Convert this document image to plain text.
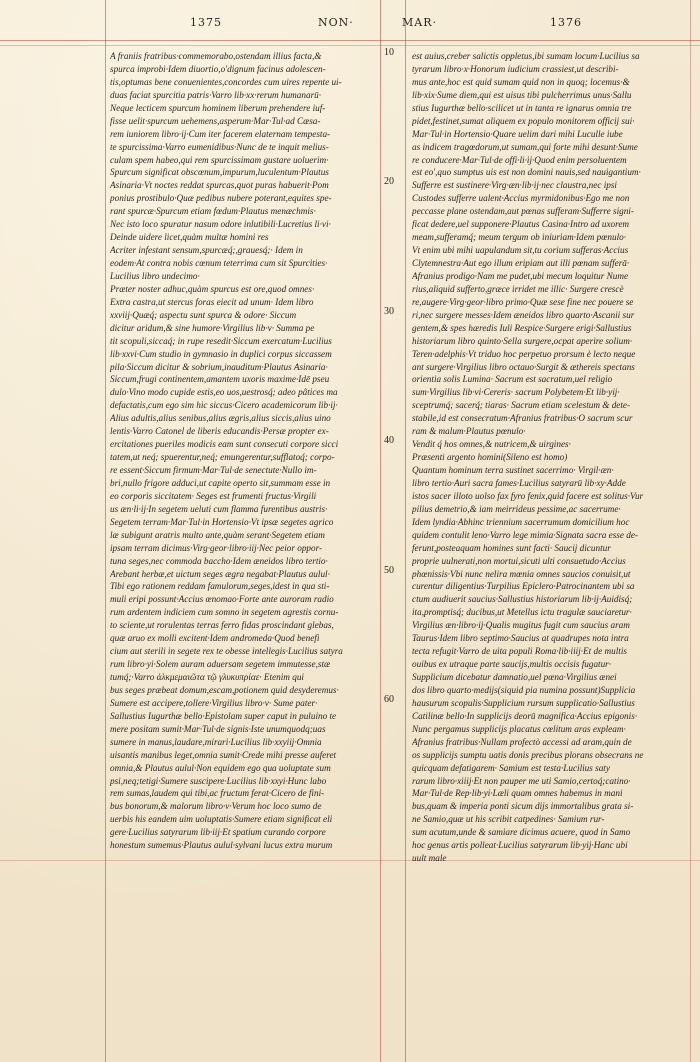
1375	NON·	MAR·	1376
A franiis fratribus·commemorabo,ostendam illius facta,&
spurca improbi·Idem diuortio,o'dignum facinus adolescen-
tis,optumas bene conuenientes,concordes cum uires repente ui-
duas faciat spurcitia patris·Varro lib·xx·rerum humanarū·
Neque lecticem spurcum hominem liberum prehendere iuf-
fisse uelit·spurcum uehemens,asperum·Mar·Tul·ad Cæsa-
rem iuniorem libro·ij·Cum iter facerem elaternam tempesta-
te spurcissima·Varro eumenidibus·Nunc de te inquit melius-
culam spem habeo,qui rem spurcissimam gustare uoluerim·
Spurcum significat obscœnum,impurum,luculentum·Plautus
Asinaria·Vt noctes reddat spurcas,quot puras habuerit·Pom
ponius prostibulo·Quæ pedibus nubere poterant,equites spe-
rant spurcæ·Spurcum etiam fœdum·Plautus menæchmis·
Nec isto loco spuratur nasum odore inlutibili·Lucretius li·vi·
Deinde uidere licet,quàm multæ homini res
Acriter infestant sensum,spurcæq́;,grauesq́;· Idem in
eodem·At contra nobis cœnum teterrima cum sit Spurcities·
Lucilius libro undecimo·
Præter noster adhuc,quàm spurcus est ore,quod omnes·
Extra castra,ut stercus foras eiecit ad unum· Idem libro
xxviij·Quæq́; aspectu sunt spurca & odore· Siccum
dicitur aridum,& sine humore·Virgilius lib·v· Summa pe
tit scopuli,siccaq́; in rupe resedit·Siccum exercatum·Lucilius
lib·xxvi·Cum studio in gymnasio in duplici corpus siccassem
pila·Siccum dicitur & sobrium,inauditum·Plautus Asinaria·
Siccum,frugi continentem,amantem uxoris maxime·Idē pseu
dulo·Vino modo cupide estis,eo uos,uestrosq́; adeo pâtices ma
defactatis,cum ego sim hic siccus·Cicero academicorum lib·ij·
Alius adultis,alius senibus,alius ægris,alius siccis,alius uino
lentis·Varro Catonel de liberis educandis·Persæ propter ex-
ercitationes pueriles modicis eam sunt consecuti corpore sicci
tatem,ut neq́; spuerentur,neq́; emungerentur,sufflatoq́; corpo-
re essent·Siccum firmum·Mar·Tul·de senectute·Nullo im-
bri,nullo frigore adduci,ut capite operto sit,summam esse in
eo corporis siccitatem· Seges est frumenti fructus·Virgili
us æn·li·ij·In segetem ueluti cum flamma furentibus austris·
Segetem terram·Mar·Tul·in Hortensio·Vt ipsæ segetes agrico
læ subigunt aratris multo ante,quàm serant·Segetem etiam
ipsam terram dicimus·Virg·geor·libro·iij·Nec peior oppor-
tuna seges,nec commoda baccho·Idem æneidos libro tertio·
Arebant herbæ,et uictum seges ægra negabat·Plautus aulul·
Tibi ego rationem reddam famulorum,seges,idest in qua sti-
muli eripi possunt·Accius œnomao·Forte ante auroram radio
rum ardentem indiciem cum somno in segetem agrestis cornu-
to sciente,ut rorulentas terras ferro fidas proscindant glebas,
quæ aruo ex molli excitent·Idem andromeda·Quod benefi
cium aut sterili in segete rex te obesse intellegis·Lucilius satyra
rum libro·yi·Solem auram aduersam segetem immutesse,stæ
tumq́;·Varro ἀλκμεμαιῶτα τῷ γλυκυπρίαε· Etenim qui
bus seges præbeat domum,escam,potionem quid desyderemus·
Sumere est accipere,tollere·Virgilius libro·v· Sume pater·
Sallustius Iugurthæ bello·Epistolam super caput in puluino te
mere positam sumit·Mar·Tul·de signis·Iste unumquodq;uas
sumere in manus,laudare,mirari·Lucilius lib·xxyiij·Omnia
uisantis manibus leget,omnia sumit·Crede mihi presse auferet
omnia,& Plautus aulul·Non equidem ego qua uoluptate sum
psi,neq;tetigi·Sumere suscipere·Lucilius lib·xxyi·Hunc labo
rem sumas,laudem qui tibi,ac fructum ferat·Cicero de fini-
bus bonorum,& malorum libro·v·Verum hoc loco sumo de
uerbis his eandem uim uoluptatis·Sumere etiam significat eli
gere·Lucilius satyrarum lib·iij·Et spatium curando corpore
honestum sumemus·Plautus aulul·sylvani lucus extra murum
10
20
30
40
50
60
est auius,creber salictis oppletus,ibi sumam locum·Lucilius sa
tyrarum libro·x·Honorum iudicium crassiest,ut describi-
mus ante,hoc est quid sumam quid non in quoq; locemus·&
lib·xix·Sume diem,qui est uisus tibi pulcherrimus unus·Sallu
stius Iugurthæ bello·scilicet ut in tanta re ignarus omnia tre
pidet,festinet,sumat aliquem ex populo monitorem officij sui·
Mar·Tul·in Hortensio·Quare uelim dari mihi Luculle iube
as indicem tragœdorum,ut sumam,qui forte mihi desunt·Sume
re conducere·Mar·Tul·de offi·li·ij·Quod enim persoluentem
est eo',quo sumptus uis est non domini nauis,sed nauigantium·
Sufferre est sustinere·Virg·æn·lib·ij·nec claustra,nec ipsi
Custodes sufferre ualent·Accius myrmidonibus·Ego me non
peccasse plane ostendam,aut pœnas sufferam·Sufferre signi-
ficat dedere,uel supponere·Plautus Casina·Intro ad uxorem
meam,sufferamq́; meum tergum ob iniuriam·Idem pœnulo·
Vt enim ubi mihi uapulandum sit,tu corium sufferas·Accius
Clytemnestra·Aut ego illum eripiam aut illi pœnam sufferā·
Afranius prodigo·Nam me pudet,ubi mecum loquitur Nume
rius,aliquid sufferto,græce irridet me illic· Surgere crescè
re,augere·Virg·geor·libro primo·Quæ sese fine nec pouere se
ri,nec surgere messes·Idem æneidos libro quarto·Ascanii sur
gentem,& spes hæredis Iuli Respice·Surgere erigi·Sallustius
historiarum libro quinto·Sella surgere,ocpat aperire solium·
Teren·adelphis·Vt triduo hoc perpetuo prorsum è lecto neque
ant surgere·Virgilius libro octauo·Surgit & æthereis spectans
orientia solis Lumina· Sacrum est sacratum,uel religio
sum·Virgilius lib·vi·Cereris· sacrum Polybetem·Et lib·yij·
sceptrumq́; sacerq́; tiaras· Sacrum etiam scelestum & dete-
stabile,id est consecratum·Afranius fratribus·O sacrum scur
ram & malum·Plautus pœnulo·
Vendit q́ hos omnes,& nutricem,& uirgines·
Præsenti argento homini(Sileno est homo)
Quantum hominum terra sustinet sacerrimo· Virgil·æn·
libro tertio·Auri sacra fames·Lucilius satyrarū lib·xy·Adde
istos sacer illoto uolso fax fyro fenix,quid facere est solitus·Vur
pilius demetrio,& iam meirrideus pessime,ac sacerrume·
Idem lyndia·Abhinc triennium sacerrumum domicilium hoc
quidem contulit leno·Varro lege mimia·Signata sacra esse de-
ferunt,posteaquam homines sunt facti· Saucij dicuntur
proprie uulnerati,non mortui,sicuti ulti consuetudo·Accius
phœnissis·Vbi nunc nelira mœnia omnes saucios conuisit,ut
curentur diligentius·Turpilius Epiclero·Patrocinantem ubi sa
ctum audiuerit saucius·Sallustius historiarum lib·ij·Auidisq́;
ita,promptisq́; ducibus,ut Metellus ictu tragulæ sauciaretur·
Virgilius æn·libro·ij·Qualis mugitus fugit cum saucius aram
Taurus·Idem libro septimo·Saucius at quadrupes nota intra
tecta refugit·Varro de uita populi Roma·lib·iiij·Et de multis
ouibus ex utraque parte saucijs,multis occisis fugatur·
Supplicium dicebatur damnatio,uel pœna·Virgilius ænei
dos libro quarto·medijs(siquid pia numina possunt)Supplicia
hausurum scopulis·Supplicium rursum supplicatio·Sallustius
Catilinæ bello·In supplicijs deorū magnifica·Accius epigonis·
Nunc pergamus supplicijs placatus cœlitum aras expleam·
Afranius fratribus·Nullam profectò accessi ad aram,quin de
os supplicijs sumptu uatis donis precibus plorans obsecrans ne
quicquam defatigarem· Samium est testa·Lucilius saty
rarum libro·xiiij·Et non pauper me uti Samio,certoq́;catino·
Mar·Tul·de Rep·lib·yi·Læli quam omnes habemus in mani
bus,quam & imperia ponti sicum dijs immortalibus grata si-
ne Samio,quæ ut his scribit catpedines· Samium rur-
sum acutum,unde & samiare dicimus acuere, quod in Samo
hoc genus artis polleat·Lucilius satyrarum lib·yij·Hanc ubi
uult male
